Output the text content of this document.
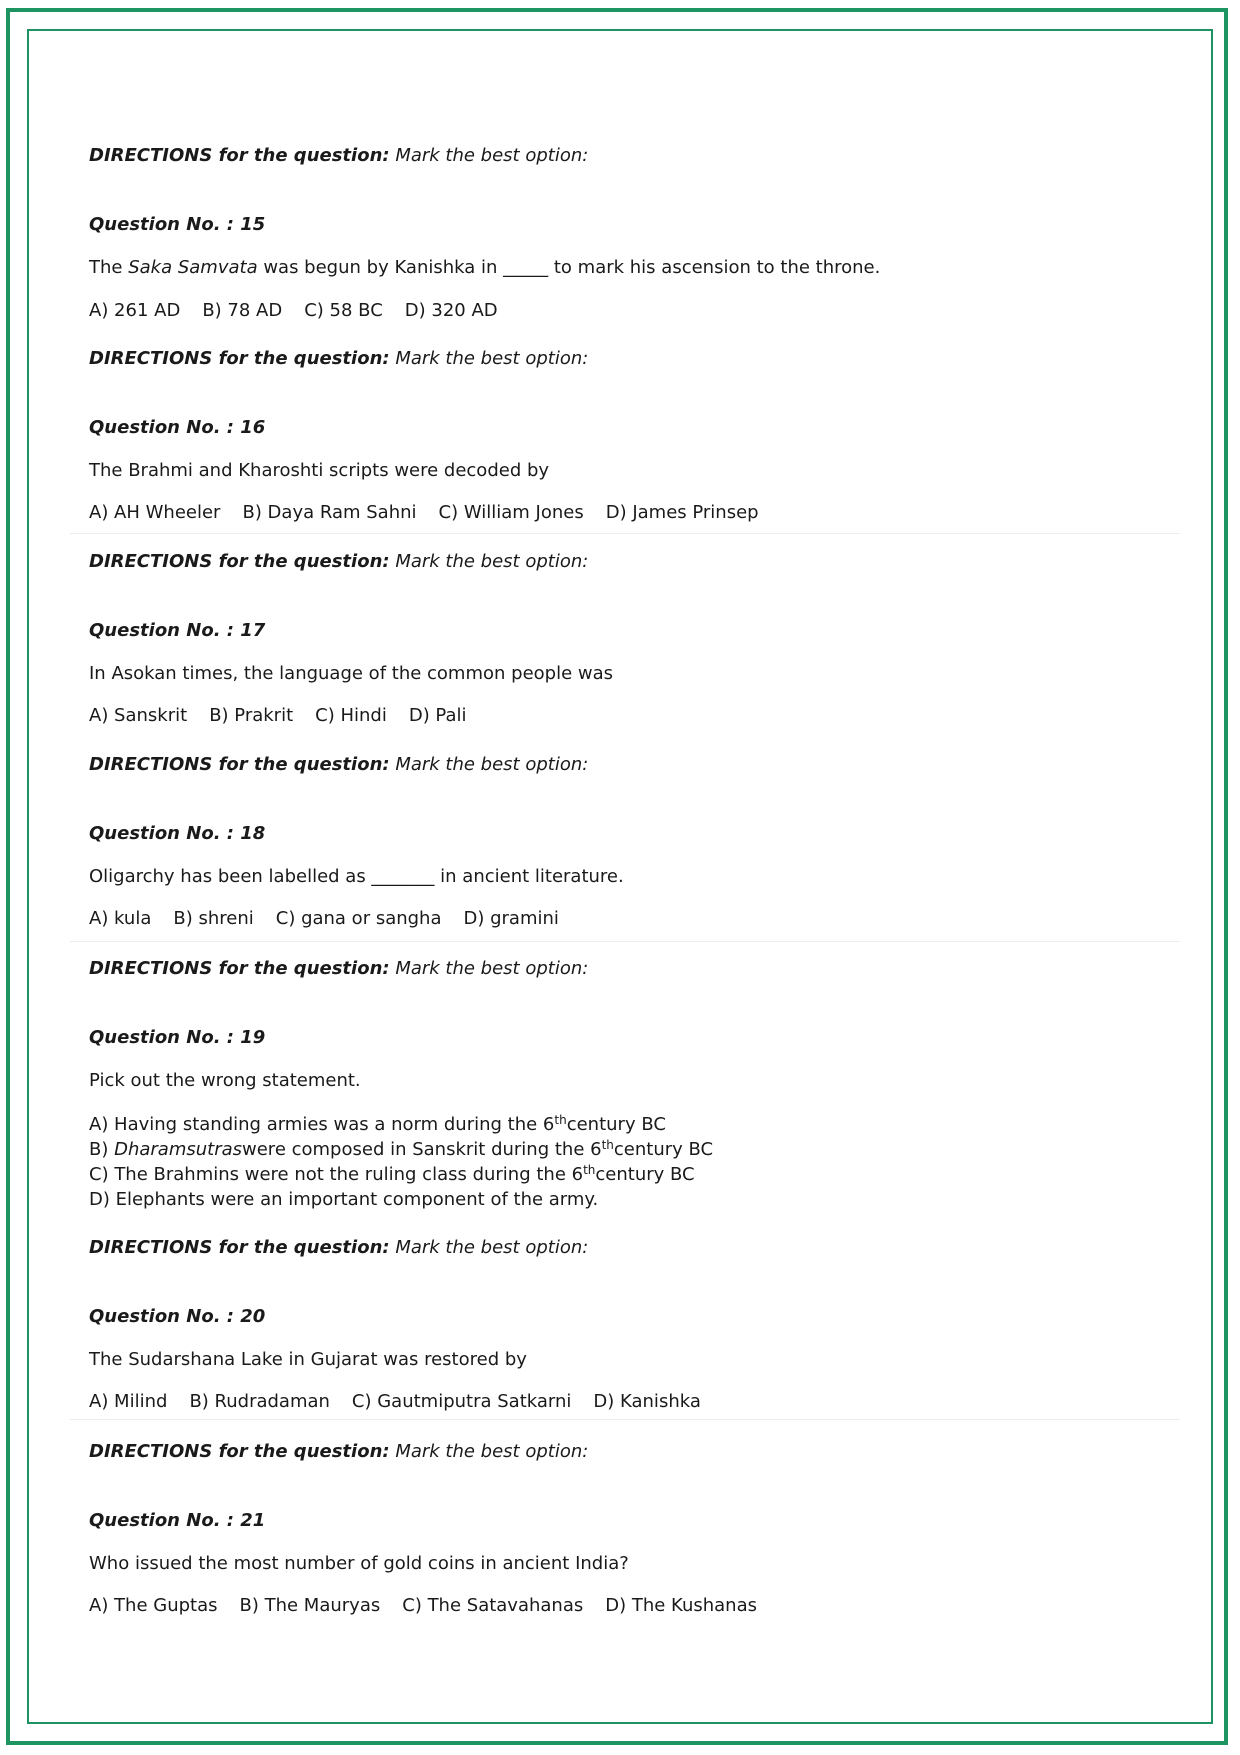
DIRECTIONS for the question: Mark the best option:
Question No. : 15
The Saka Samvata was begun by Kanishka in _____ to mark his ascension to the throne.
A) 261 AD B) 78 AD C) 58 BC D) 320 AD
DIRECTIONS for the question: Mark the best option:
Question No. : 16
The Brahmi and Kharoshti scripts were decoded by
A) AH Wheeler B) Daya Ram Sahni C) William Jones D) James Prinsep
DIRECTIONS for the question: Mark the best option:
Question No. : 17
In Asokan times, the language of the common people was
A) Sanskrit B) Prakrit C) Hindi D) Pali
DIRECTIONS for the question: Mark the best option:
Question No. : 18
Oligarchy has been labelled as _______ in ancient literature.
A) kula B) shreni C) gana or sangha D) gramini
DIRECTIONS for the question: Mark the best option:
Question No. : 19
Pick out the wrong statement.
A) Having standing armies was a norm during the 6thcentury BC
B) Dharamsutraswere composed in Sanskrit during the 6thcentury BC
C) The Brahmins were not the ruling class during the 6thcentury BC
D) Elephants were an important component of the army.
DIRECTIONS for the question: Mark the best option:
Question No. : 20
The Sudarshana Lake in Gujarat was restored by
A) Milind B) Rudradaman C) Gautmiputra Satkarni D) Kanishka
DIRECTIONS for the question: Mark the best option:
Question No. : 21
Who issued the most number of gold coins in ancient India?
A) The Guptas B) The Mauryas C) The Satavahanas D) The Kushanas
